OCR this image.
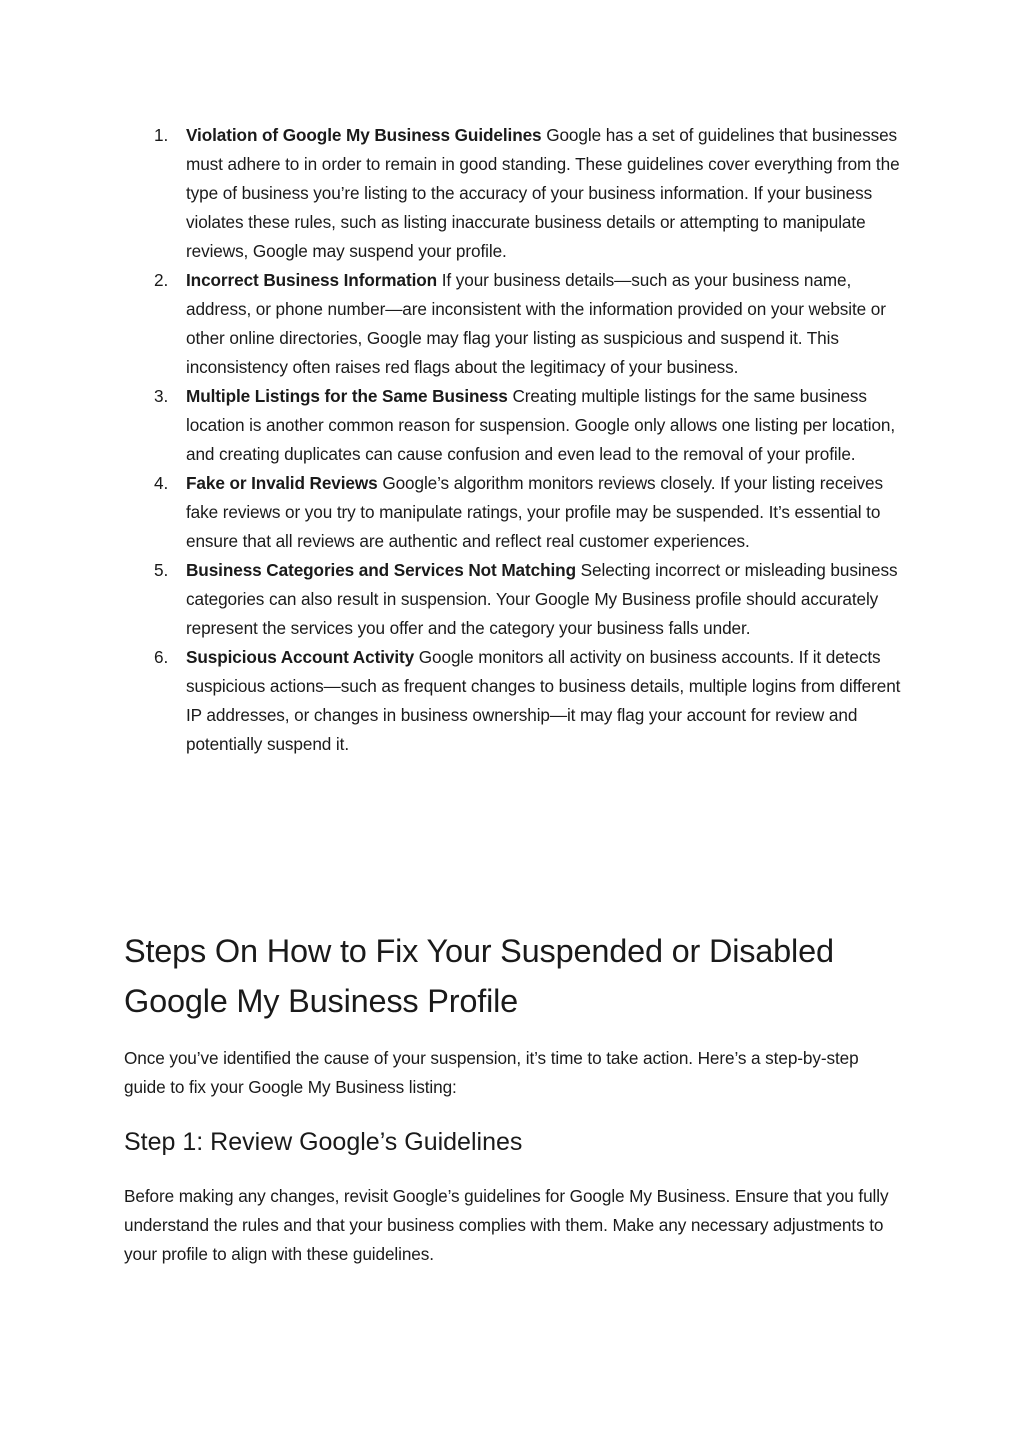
1.	Violation of Google My Business Guidelines Google has a set of guidelines that businesses must adhere to in order to remain in good standing. These guidelines cover everything from the type of business you’re listing to the accuracy of your business information. If your business violates these rules, such as listing inaccurate business details or attempting to manipulate reviews, Google may suspend your profile.
2.	Incorrect Business Information If your business details—such as your business name, address, or phone number—are inconsistent with the information provided on your website or other online directories, Google may flag your listing as suspicious and suspend it. This inconsistency often raises red flags about the legitimacy of your business.
3.	Multiple Listings for the Same Business Creating multiple listings for the same business location is another common reason for suspension. Google only allows one listing per location, and creating duplicates can cause confusion and even lead to the removal of your profile.
4.	Fake or Invalid Reviews Google’s algorithm monitors reviews closely. If your listing receives fake reviews or you try to manipulate ratings, your profile may be suspended. It’s essential to ensure that all reviews are authentic and reflect real customer experiences.
5.	Business Categories and Services Not Matching Selecting incorrect or misleading business categories can also result in suspension. Your Google My Business profile should accurately represent the services you offer and the category your business falls under.
6.	Suspicious Account Activity Google monitors all activity on business accounts. If it detects suspicious actions—such as frequent changes to business details, multiple logins from different IP addresses, or changes in business ownership—it may flag your account for review and potentially suspend it.
Steps On How to Fix Your Suspended or Disabled Google My Business Profile

Once you’ve identified the cause of your suspension, it’s time to take action. Here’s a step-by-step guide to fix your Google My Business listing:

Step 1: Review Google’s Guidelines

Before making any changes, revisit Google’s guidelines for Google My Business. Ensure that you fully understand the rules and that your business complies with them. Make any necessary adjustments to your profile to align with these guidelines.
